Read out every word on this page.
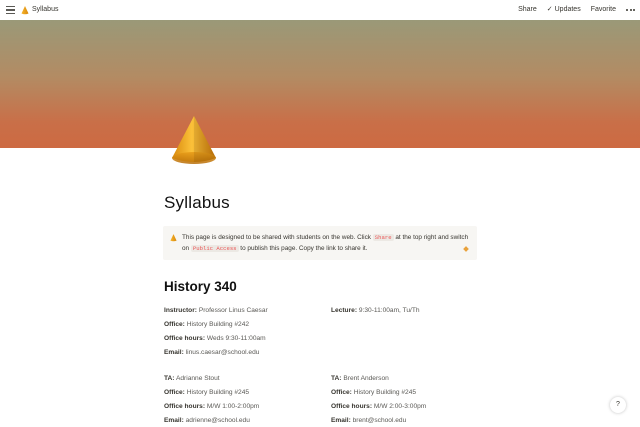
Syllabus	Share ✓ Updates Favorite
Syllabus
This page is designed to be shared with students on the web. Click Share at the top right and switch on Public Access to publish this page. Copy the link to share it.
History 340
Instructor: Professor Linus Caesar
Office: History Building #242
Office hours: Weds 9:30-11:00am
Email: linus.caesar@school.edu
Lecture: 9:30-11:00am, Tu/Th
TA: Adrianne Stout
Office: History Building #245
Office hours: M/W 1:00-2:00pm
Email: adrienne@school.edu
TA: Brent Anderson
Office: History Building #245
Office hours: M/W 2:00-3:00pm
Email: brent@school.edu
?
